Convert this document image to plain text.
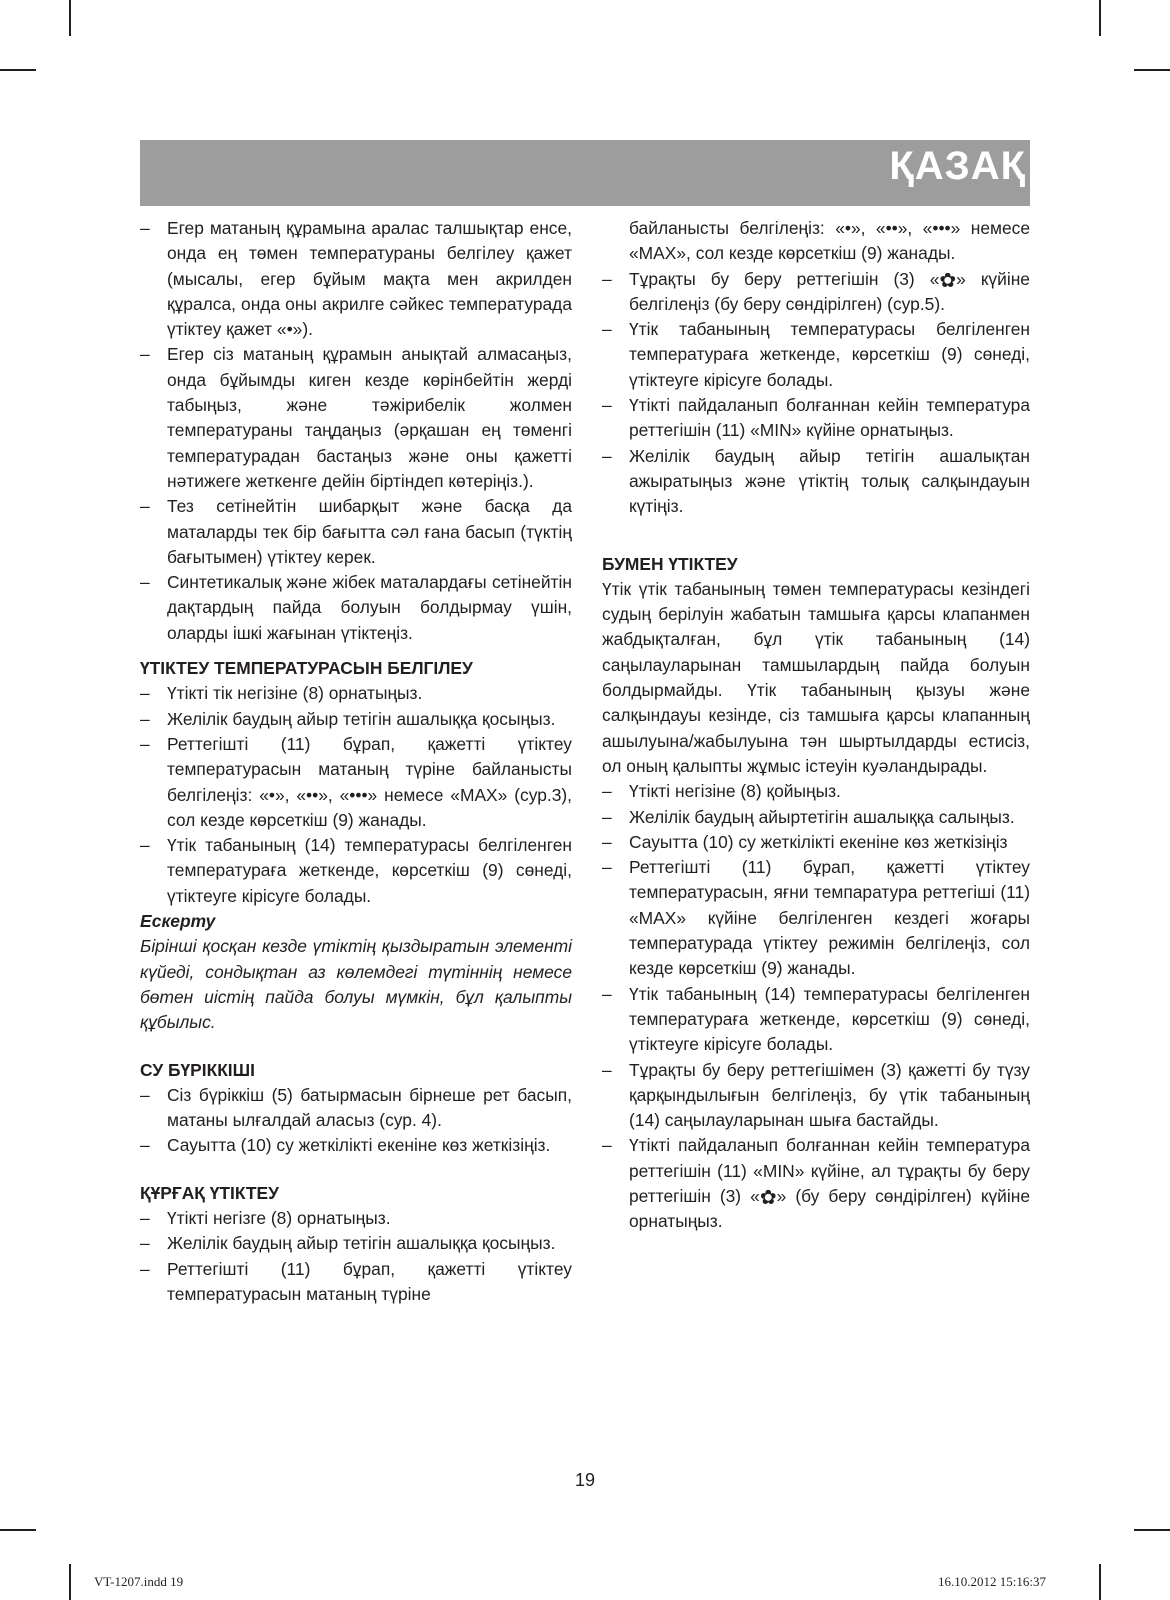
ҚАЗАҚ
– Егер матаның құрамына аралас талшықтар енсе, онда ең төмен температураны белгілеу қажет (мысалы, егер бұйым мақта мен акрилден құралса, онда оны акрилге сәйкес температурада үтіктеу қажет «•»).
– Егер сіз матаның құрамын анықтай алмасаңыз, онда бұйымды киген кезде көрінбейтін жерді табыңыз, және тәжірибелік жолмен температураны таңдаңыз (әрқашан ең төменгі температурадан бастаңыз және оны қажетті нәтижеге жеткенге дейін біртіндеп көтеріңіз.).
– Тез сетінейтін шибарқыт және басқа да маталарды тек бір бағытта сәл ғана басып (түктің бағытымен) үтіктеу керек.
– Синтетикалық және жібек маталардағы сетінейтін дақтардың пайда болуын болдырмау үшін, оларды ішкі жағынан үтіктеңіз.
ҮТІКТЕУ ТЕМПЕРАТУРАСЫН БЕЛГІЛЕУ
– Үтікті тік негізіне (8) орнатыңыз.
– Желілік баудың айыр тетігін ашалыққа қосыңыз.
– Реттегішті (11) бұрап, қажетті үтіктеу температурасын матаның түріне байланысты белгілеңіз: «•», «••», «•••» немесе «MAX» (сур.3), сол кезде көрсеткіш (9) жанады.
– Үтік табанының (14) температурасы белгіленген температураға жеткенде, көрсеткіш (9) сөнеді, үтіктеуге кірісуге болады.
Ескерту
Бірінші қосқан кезде үтіктің қыздыратын элементі күйеді, сондықтан аз көлемдегі түтіннің немесе бөтен иістің пайда болуы мүмкін, бұл қалыпты құбылыс.
СУ БҮРІККІШІ
– Сіз бүріккіш (5) батырмасын бірнеше рет басып, матаны ылғалдай аласыз (сур. 4).
– Сауытта (10) су жеткілікті екеніне көз жеткізіңіз.
ҚҰРҒАҚ ҮТІКТЕУ
– Үтікті негізге (8) орнатыңыз.
– Желілік баудың айыр тетігін ашалыққа қосыңыз.
– Реттегішті (11) бұрап, қажетті үтіктеу температурасын матаның түріне
байланысты белгілеңіз: «•», «••», «•••» немесе «MAX», сол кезде көрсеткіш (9) жанады.
– Тұрақты бу беру реттегішін (3) «✿» күйіне белгілеңіз (бу беру сөндірілген) (сур.5).
– Үтік табанының температурасы белгіленген температураға жеткенде, көрсеткіш (9) сөнеді, үтіктеуге кірісуге болады.
– Үтікті пайдаланып болғаннан кейін температура реттегішін (11) «MIN» күйіне орнатыңыз.
– Желілік баудың айыр тетігін ашалықтан ажыратыңыз және үтіктің толық салқындауын күтіңіз.
БУМЕН ҮТІКТЕУ
Үтік үтік табанының төмен температурасы кезіндегі судың берілуін жабатын тамшыға қарсы клапанмен жабдықталған, бұл үтік табанының (14) саңылауларынан тамшылардың пайда болуын болдырмайды. Үтік табанының қызуы және салқындауы кезінде, сіз тамшыға қарсы клапанның ашылуына/жабылуына тән шыртылдарды естисіз, ол оның қалыпты жұмыс істеуін куәландырады.
– Үтікті негізіне (8) қойыңыз.
– Желілік баудың айыртетігін ашалыққа салыңыз.
– Сауытта (10) су жеткілікті екеніне көз жеткізіңіз
– Реттегішті (11) бұрап, қажетті үтіктеу температурасын, яғни темпаратура реттегіші (11) «MAX» күйіне белгіленген кездегі жоғары температурада үтіктеу режимін белгілеңіз, сол кезде көрсеткіш (9) жанады.
– Үтік табанының (14) температурасы белгіленген температураға жеткенде, көрсеткіш (9) сөнеді, үтіктеуге кірісуге болады.
– Тұрақты бу беру реттегішімен (3) қажетті бу түзу қарқындылығын белгілеңіз, бу үтік табанының (14) саңылауларынан шыға бастайды.
– Үтікті пайдаланып болғаннан кейін температура реттегішін (11) «MIN» күйіне, ал тұрақты бу беру реттегішін (3) «✿» (бу беру сөндірілген) күйіне орнатыңыз.
19
VT-1207.indd 19	16.10.2012 15:16:37
